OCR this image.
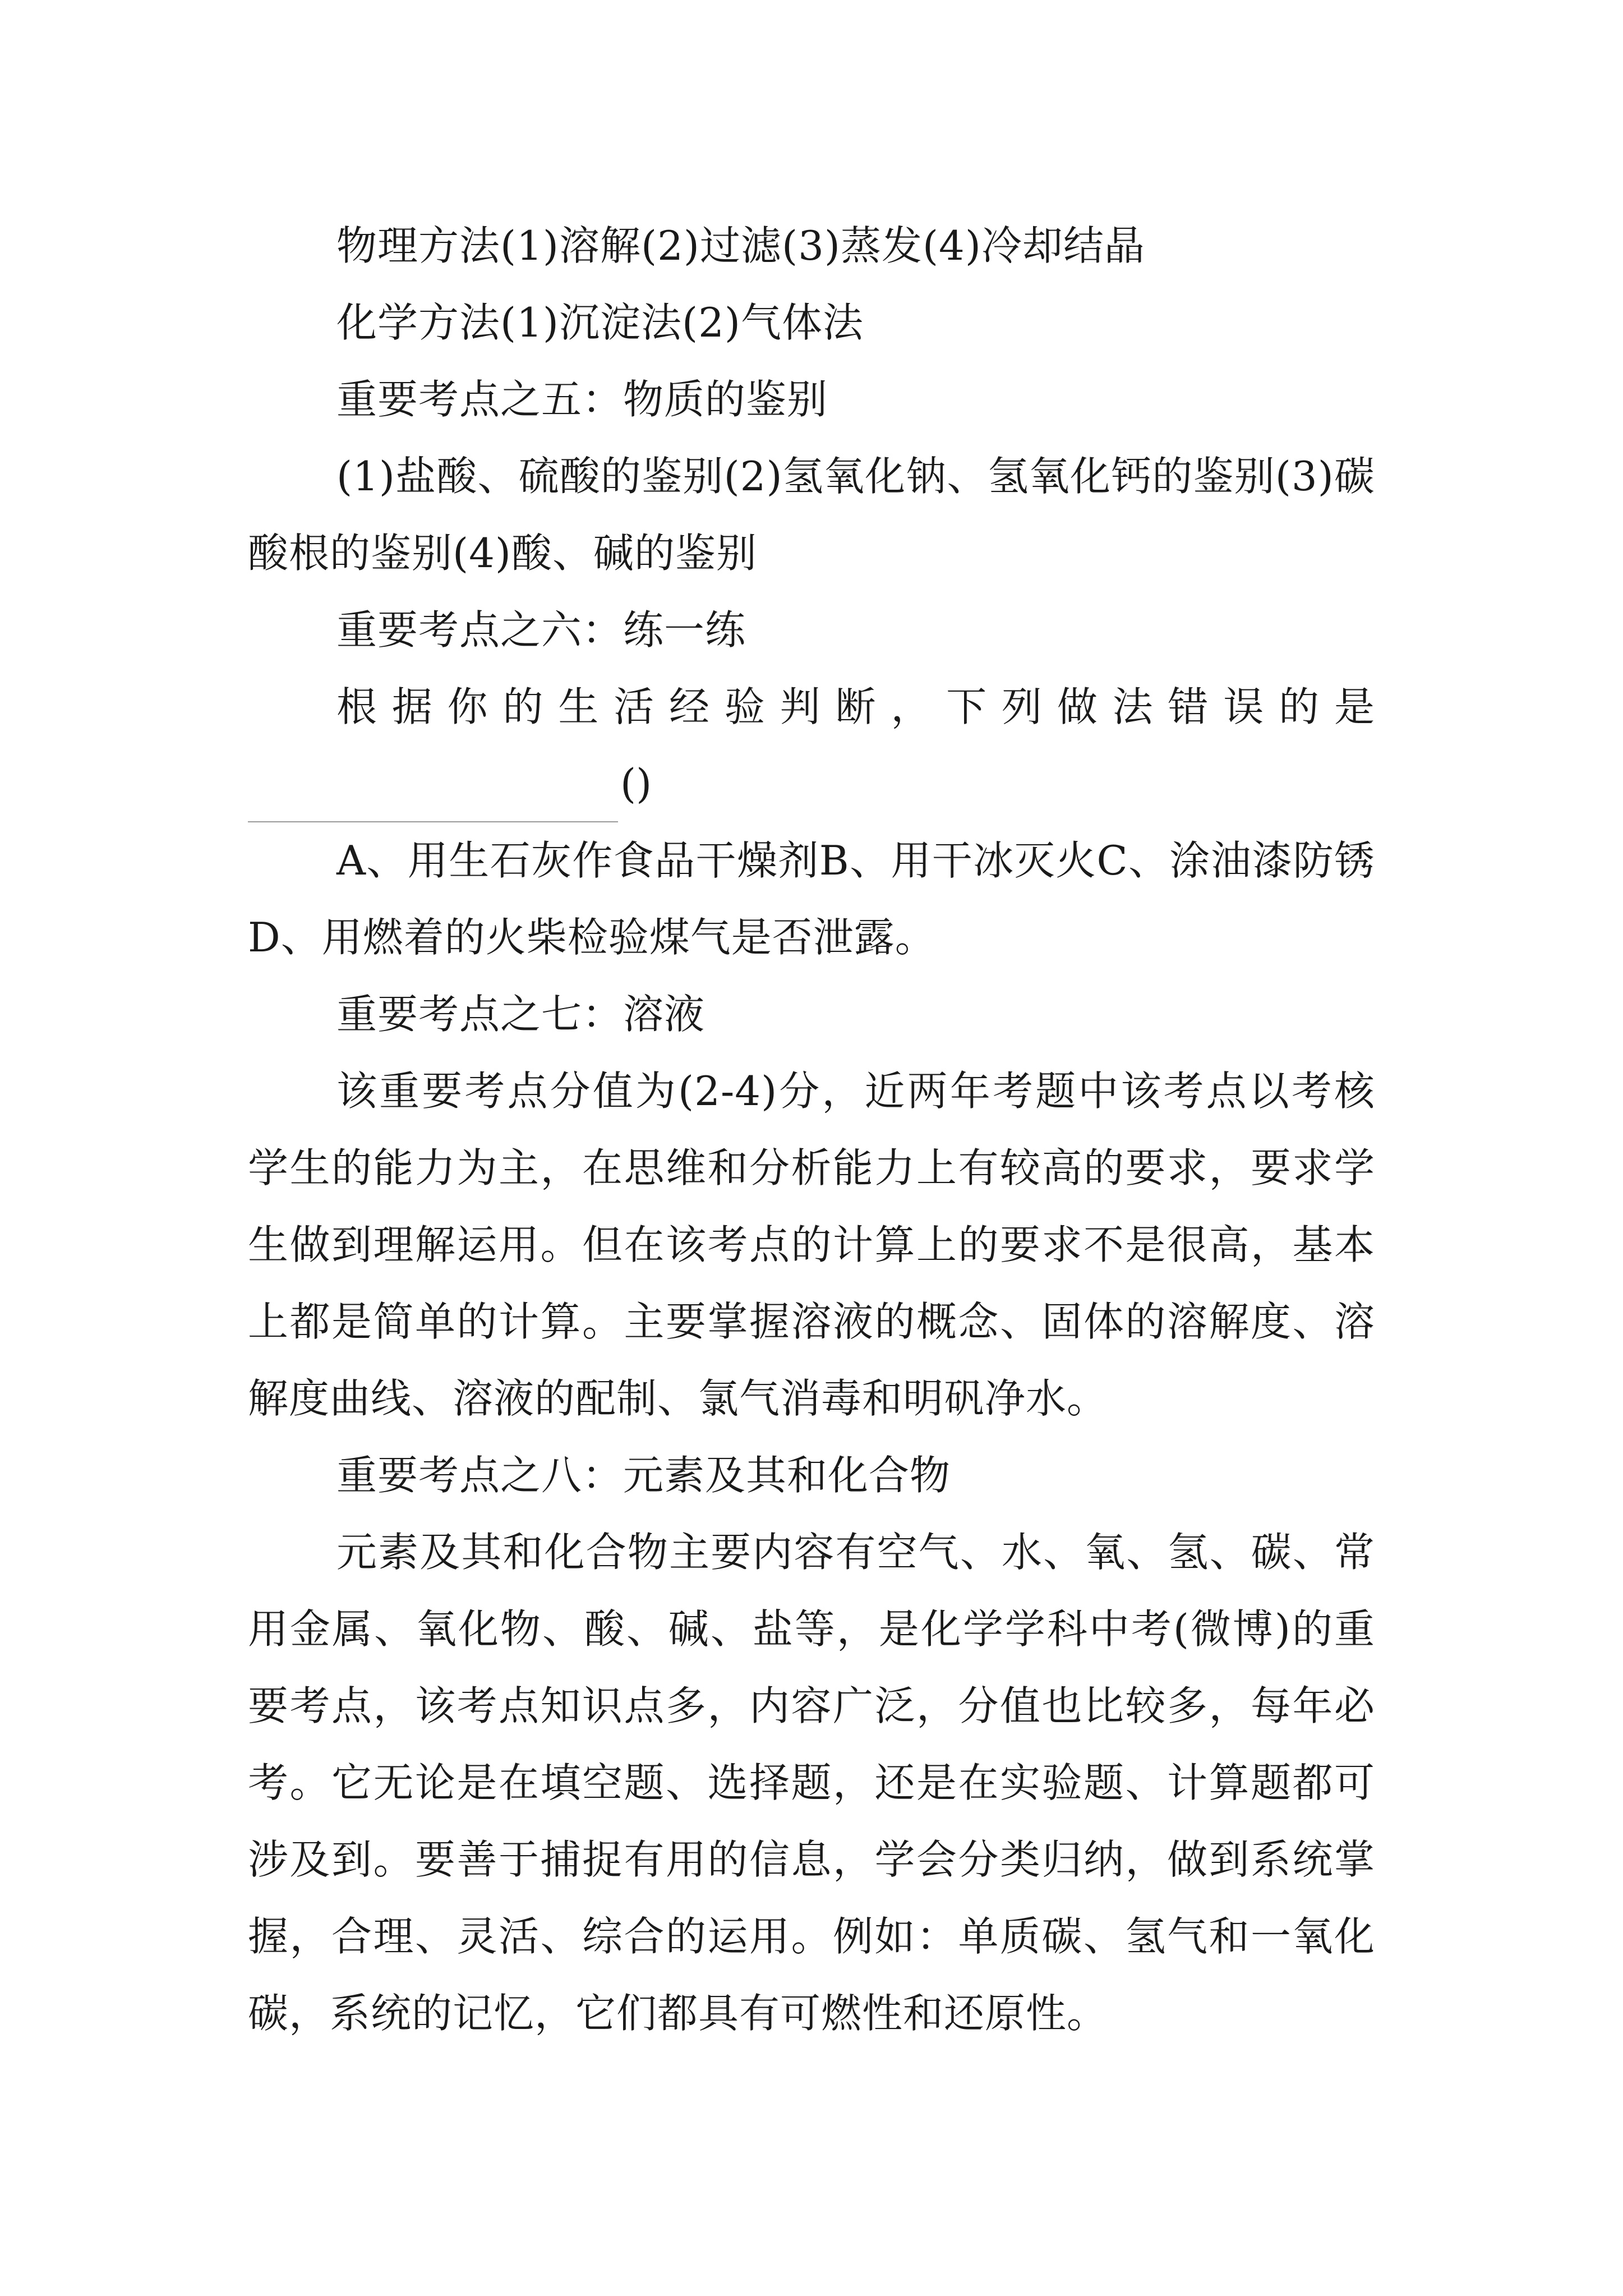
物理方法(1)溶解(2)过滤(3)蒸发(4)冷却结晶

化学方法(1)沉淀法(2)气体法

重要考点之五：物质的鉴别

(1)盐酸、硫酸的鉴别(2)氢氧化钠、氢氧化钙的鉴别(3)碳酸根的鉴别(4)酸、碱的鉴别

重要考点之六：练一练

根据你的生活经验判断，下列做法错误的是

()

A、用生石灰作食品干燥剂B、用干冰灭火C、涂油漆防锈D、用燃着的火柴检验煤气是否泄露。

重要考点之七：溶液

该重要考点分值为(2-4)分，近两年考题中该考点以考核学生的能力为主，在思维和分析能力上有较高的要求，要求学生做到理解运用。但在该考点的计算上的要求不是很高，基本上都是简单的计算。主要掌握溶液的概念、固体的溶解度、溶解度曲线、溶液的配制、氯气消毒和明矾净水。

重要考点之八：元素及其和化合物

元素及其和化合物主要内容有空气、水、氧、氢、碳、常用金属、氧化物、酸、碱、盐等，是化学学科中考(微博)的重要考点，该考点知识点多，内容广泛，分值也比较多，每年必考。它无论是在填空题、选择题，还是在实验题、计算题都可涉及到。要善于捕捉有用的信息，学会分类归纳，做到系统掌握，合理、灵活、综合的运用。例如：单质碳、氢气和一氧化碳，系统的记忆，它们都具有可燃性和还原性。
